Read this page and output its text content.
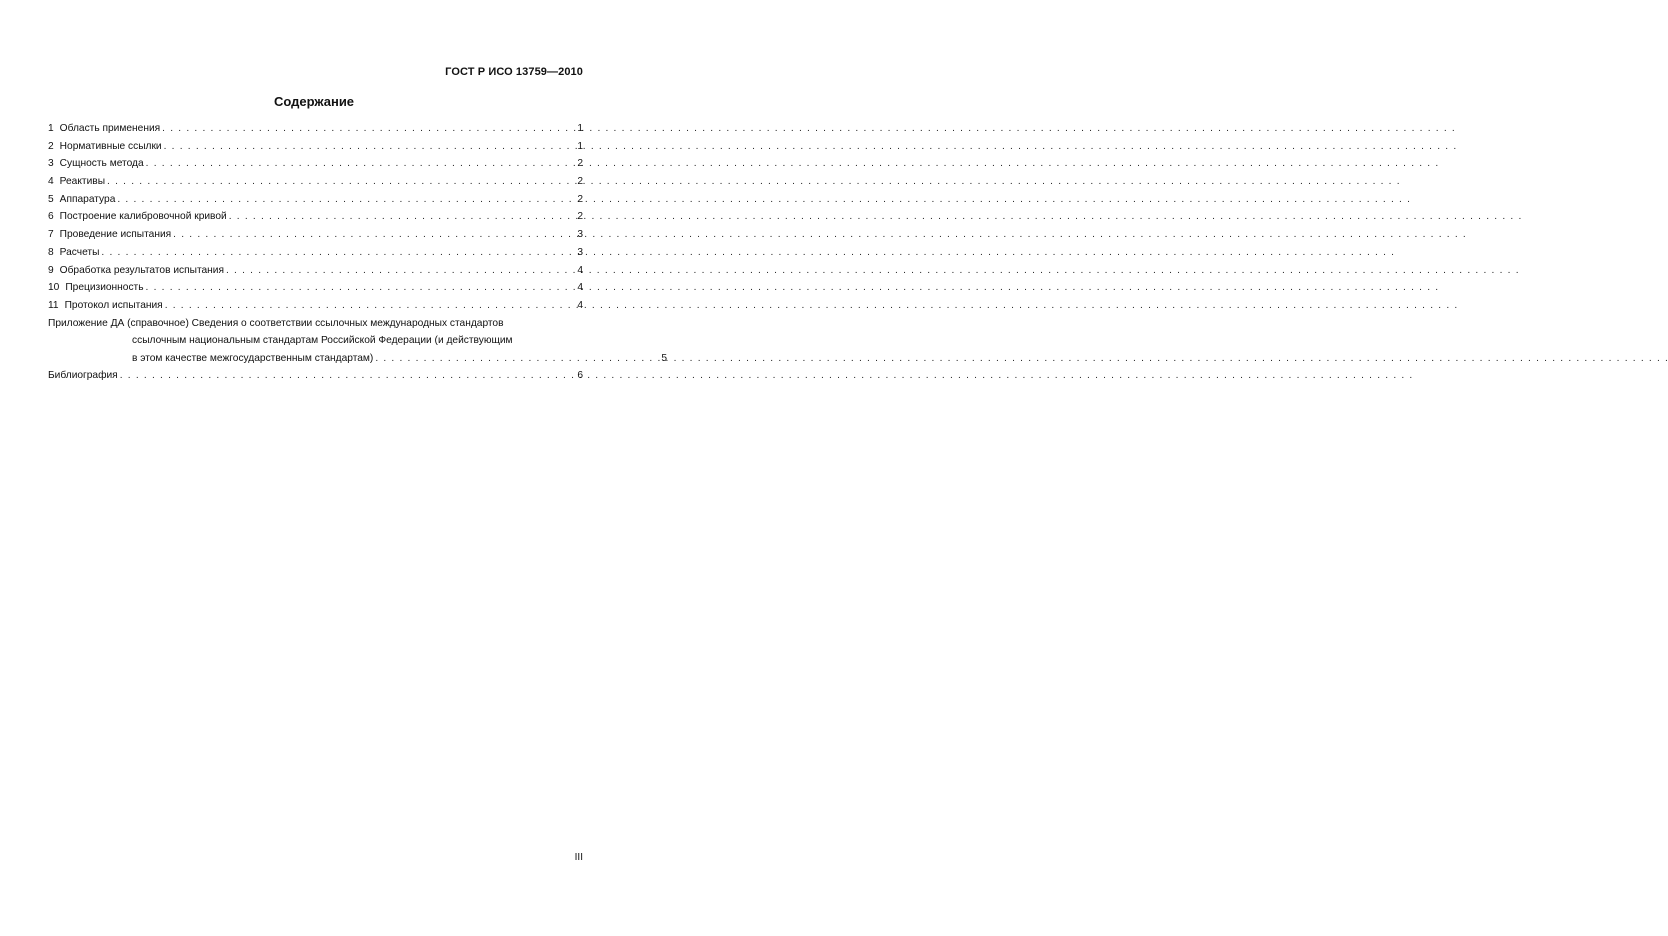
ГОСТ Р ИСО 13759—2010
Содержание
1 Область применения . . .	1
2 Нормативные ссылки . . .	1
3 Сущность метода . . .	2
4 Реактивы . . .	2
5 Аппаратура . . .	2
6 Построение калибровочной кривой . . .	2
7 Проведение испытания . . .	3
8 Расчеты . . .	3
9 Обработка результатов испытания . . .	4
10 Прецизионность . . .	4
11 Протокол испытания . . .	4
Приложение ДА (справочное) Сведения о соответствии ссылочных международных стандартов
ссылочным национальным стандартам Российской Федерации (и действующим
в этом качестве межгосударственным стандартам) . . .	5
Библиография . . .	6
III
